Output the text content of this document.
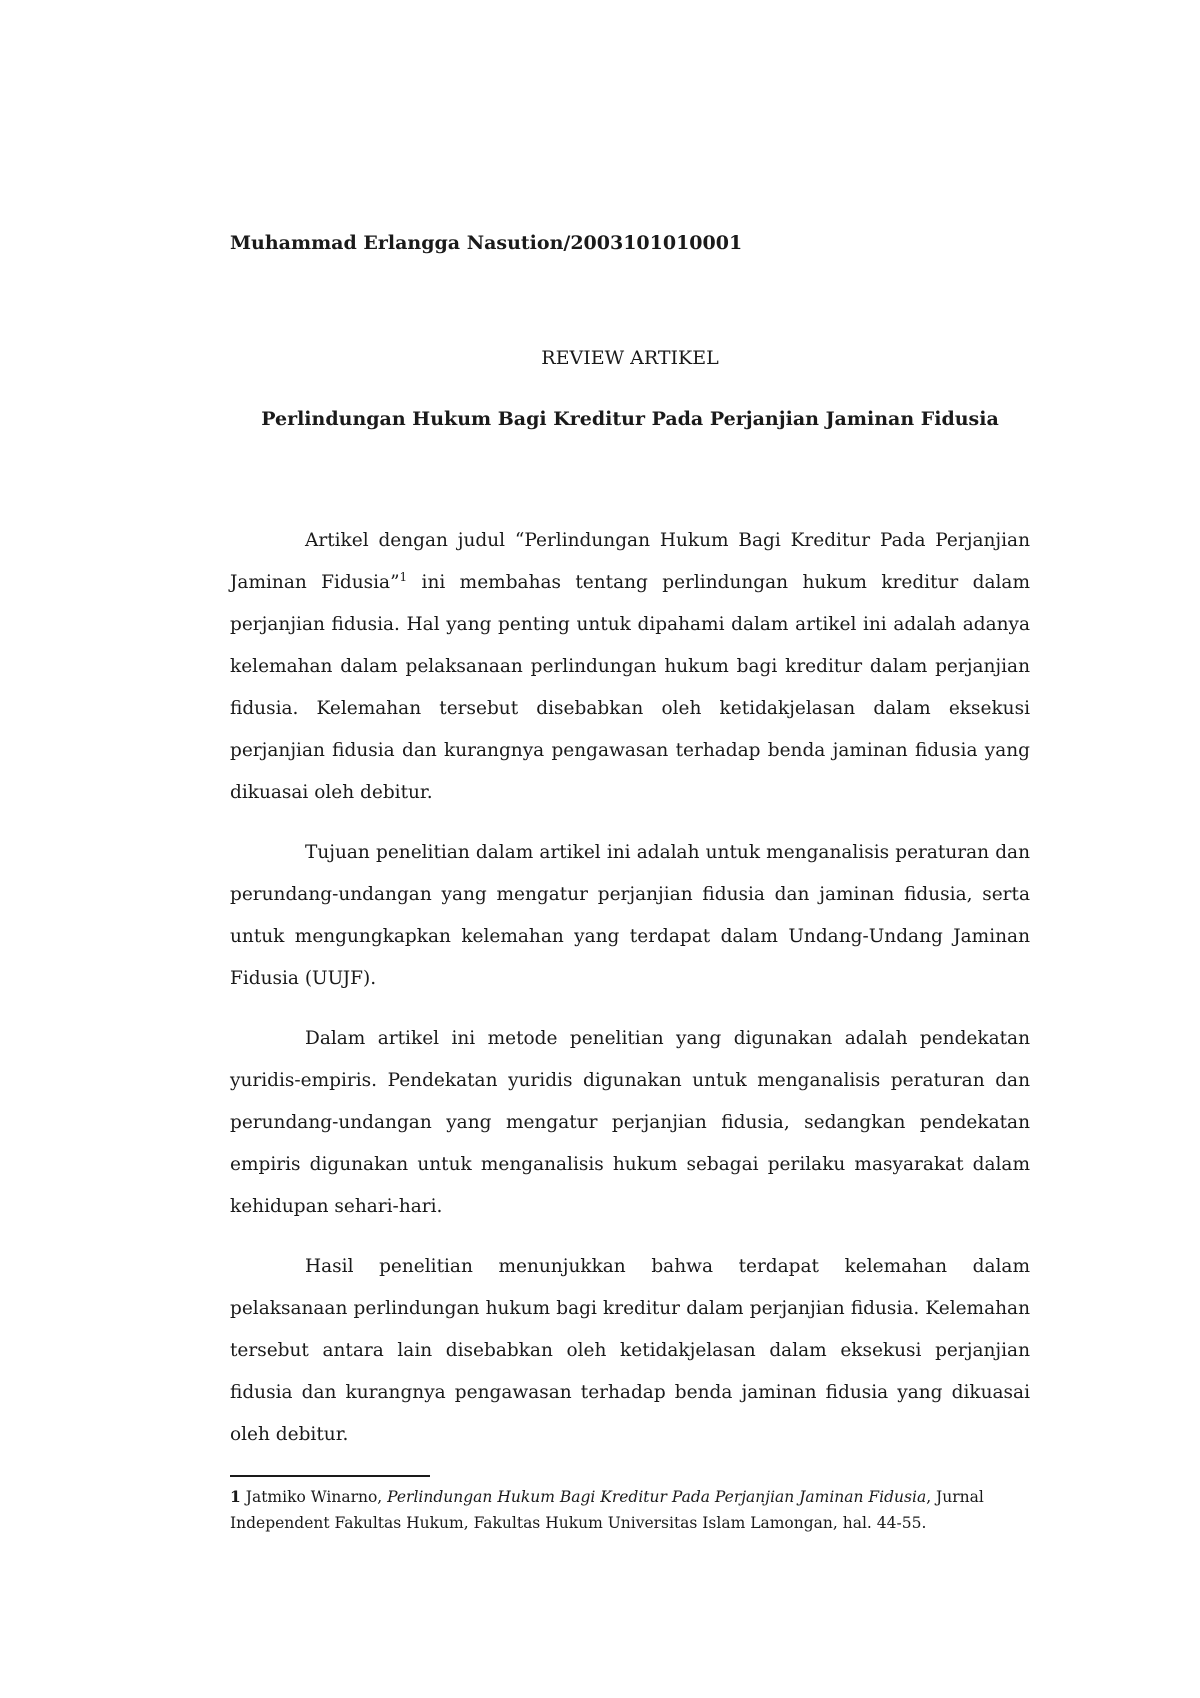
Muhammad Erlangga Nasution/2003101010001
REVIEW ARTIKEL
Perlindungan Hukum Bagi Kreditur Pada Perjanjian Jaminan Fidusia

Artikel dengan judul “Perlindungan Hukum Bagi Kreditur Pada Perjanjian Jaminan Fidusia”$^1$ ini membahas tentang perlindungan hukum kreditur dalam perjanjian fidusia. Hal yang penting untuk dipahami dalam artikel ini adalah adanya kelemahan dalam pelaksanaan perlindungan hukum bagi kreditur dalam perjanjian fidusia. Kelemahan tersebut disebabkan oleh ketidakjelasan dalam eksekusi perjanjian fidusia dan kurangnya pengawasan terhadap benda jaminan fidusia yang dikuasai oleh debitur.

Tujuan penelitian dalam artikel ini adalah untuk menganalisis peraturan dan perundang-undangan yang mengatur perjanjian fidusia dan jaminan fidusia, serta untuk mengungkapkan kelemahan yang terdapat dalam Undang-Undang Jaminan Fidusia (UUJF).

Dalam artikel ini metode penelitian yang digunakan adalah pendekatan yuridis-empiris. Pendekatan yuridis digunakan untuk menganalisis peraturan dan perundang-undangan yang mengatur perjanjian fidusia, sedangkan pendekatan empiris digunakan untuk menganalisis hukum sebagai perilaku masyarakat dalam kehidupan sehari-hari.

Hasil penelitian menunjukkan bahwa terdapat kelemahan dalam pelaksanaan perlindungan hukum bagi kreditur dalam perjanjian fidusia. Kelemahan tersebut antara lain disebabkan oleh ketidakjelasan dalam eksekusi perjanjian fidusia dan kurangnya pengawasan terhadap benda jaminan fidusia yang dikuasai oleh debitur.

1 Jatmiko Winarno, Perlindungan Hukum Bagi Kreditur Pada Perjanjian Jaminan Fidusia, Jurnal Independent Fakultas Hukum, Fakultas Hukum Universitas Islam Lamongan, hal. 44-55.
